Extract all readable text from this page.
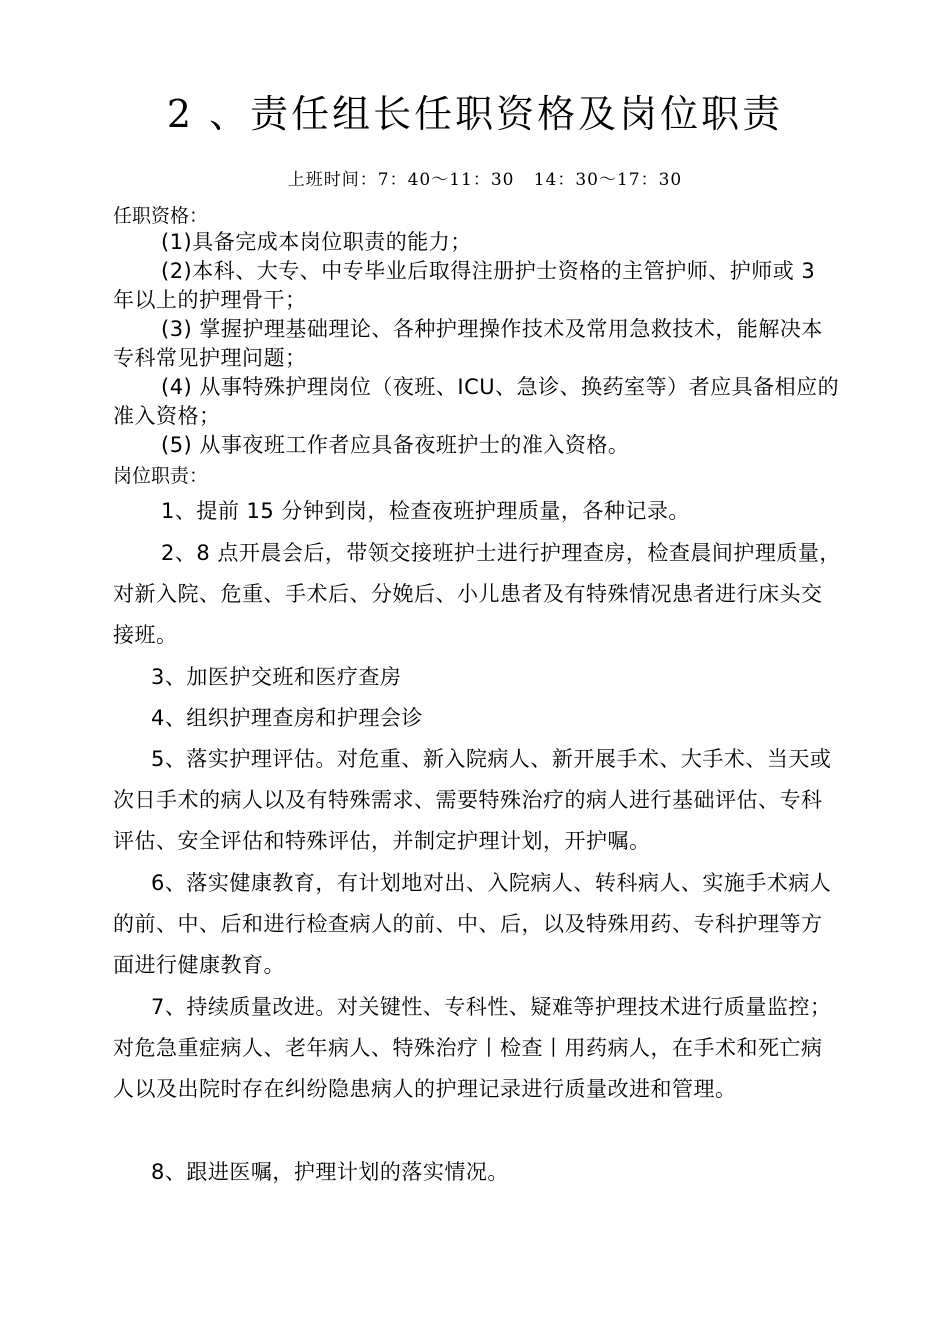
2 、责任组长任职资格及岗位职责
上班时间：7：40～11：30   14：30～17：30
任职资格：
(1)具备完成本岗位职责的能力；
(2)本科、大专、中专毕业后取得注册护士资格的主管护师、护师或 3 年以上的护理骨干；
(3) 掌握护理基础理论、各种护理操作技术及常用急救技术，能解决本专科常见护理问题；
(4) 从事特殊护理岗位（夜班、ICU、急诊、换药室等）者应具备相应的准入资格；
(5) 从事夜班工作者应具备夜班护士的准入资格。
岗位职责：
1、提前 15 分钟到岗，检查夜班护理质量，各种记录。
2、8 点开晨会后，带领交接班护士进行护理查房，检查晨间护理质量，对新入院、危重、手术后、分娩后、小儿患者及有特殊情况患者进行床头交接班。
3、加医护交班和医疗查房
4、组织护理查房和护理会诊
5、落实护理评估。对危重、新入院病人、新开展手术、大手术、当天或次日手术的病人以及有特殊需求、需要特殊治疗的病人进行基础评估、专科评估、安全评估和特殊评估，并制定护理计划，开护嘱。
6、落实健康教育，有计划地对出、入院病人、转科病人、实施手术病人的前、中、后和进行检查病人的前、中、后，以及特殊用药、专科护理等方面进行健康教育。
7、持续质量改进。对关键性、专科性、疑难等护理技术进行质量监控；对危急重症病人、老年病人、特殊治疗丨检查丨用药病人，在手术和死亡病人以及出院时存在纠纷隐患病人的护理记录进行质量改进和管理。
8、跟进医嘱，护理计划的落实情况。
